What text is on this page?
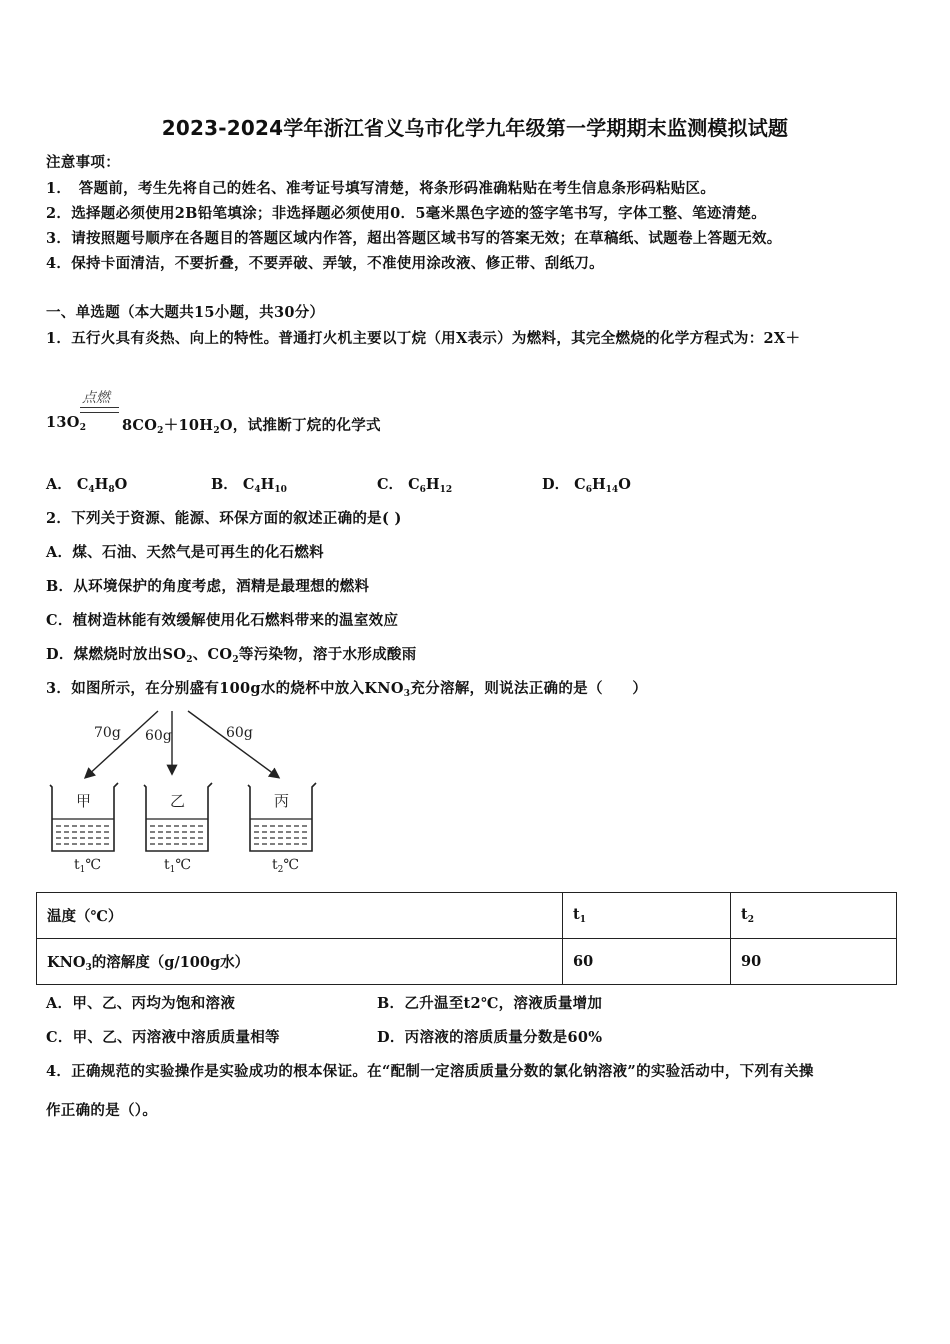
2023-2024学年浙江省义乌市化学九年级第一学期期末监测模拟试题
注意事项：
1．　答题前，考生先将自己的姓名、准考证号填写清楚，将条形码准确粘贴在考生信息条形码粘贴区。
2．选择题必须使用2B铅笔填涂；非选择题必须使用0．5毫米黑色字迹的签字笔书写，字体工整、笔迹清楚。
3．请按照题号顺序在各题目的答题区域内作答，超出答题区域书写的答案无效；在草稿纸、试题卷上答题无效。
4．保持卡面清洁，不要折叠，不要弄破、弄皱，不准使用涂改液、修正带、刮纸刀。
一、单选题（本大题共15小题，共30分）
1．五行火具有炎热、向上的特性。普通打火机主要以丁烷（用X表示）为燃料，其完全燃烧的化学方程式为：2X＋
点燃
$13O_2$ $8CO_2+10H_2O$，试推断丁烷的化学式
A． $C_4H_8O$	B． $C_4H_{10}$	C． $C_6H_{12}$	D． $C_6H_{14}O$
2．下列关于资源、能源、环保方面的叙述正确的是( )
A．煤、石油、天然气是可再生的化石燃料
B．从环境保护的角度考虑，酒精是最理想的燃料
C．植树造林能有效缓解使用化石燃料带来的温室效应
D．煤燃烧时放出$SO_2$、$CO_2$等污染物，溶于水形成酸雨
3．如图所示，在分别盛有100g水的烧杯中放入$KNO_3$充分溶解，则说法正确的是（　　）
70g 60g	60g
甲
$t_1℃$
乙
$t_1℃$
丙
$t_2℃$
温度（℃）	$t_1$	$t_2$
$KNO_3$的溶解度（g/100g水）	60	90
A．甲、乙、丙均为饱和溶液	B．乙升温至t2℃，溶液质量增加
C．甲、乙、丙溶液中溶质质量相等	D．丙溶液的溶质质量分数是60%
4．正确规范的实验操作是实验成功的根本保证。在“配制一定溶质质量分数的氯化钠溶液”的实验活动中，下列有关操
作正确的是（）。
